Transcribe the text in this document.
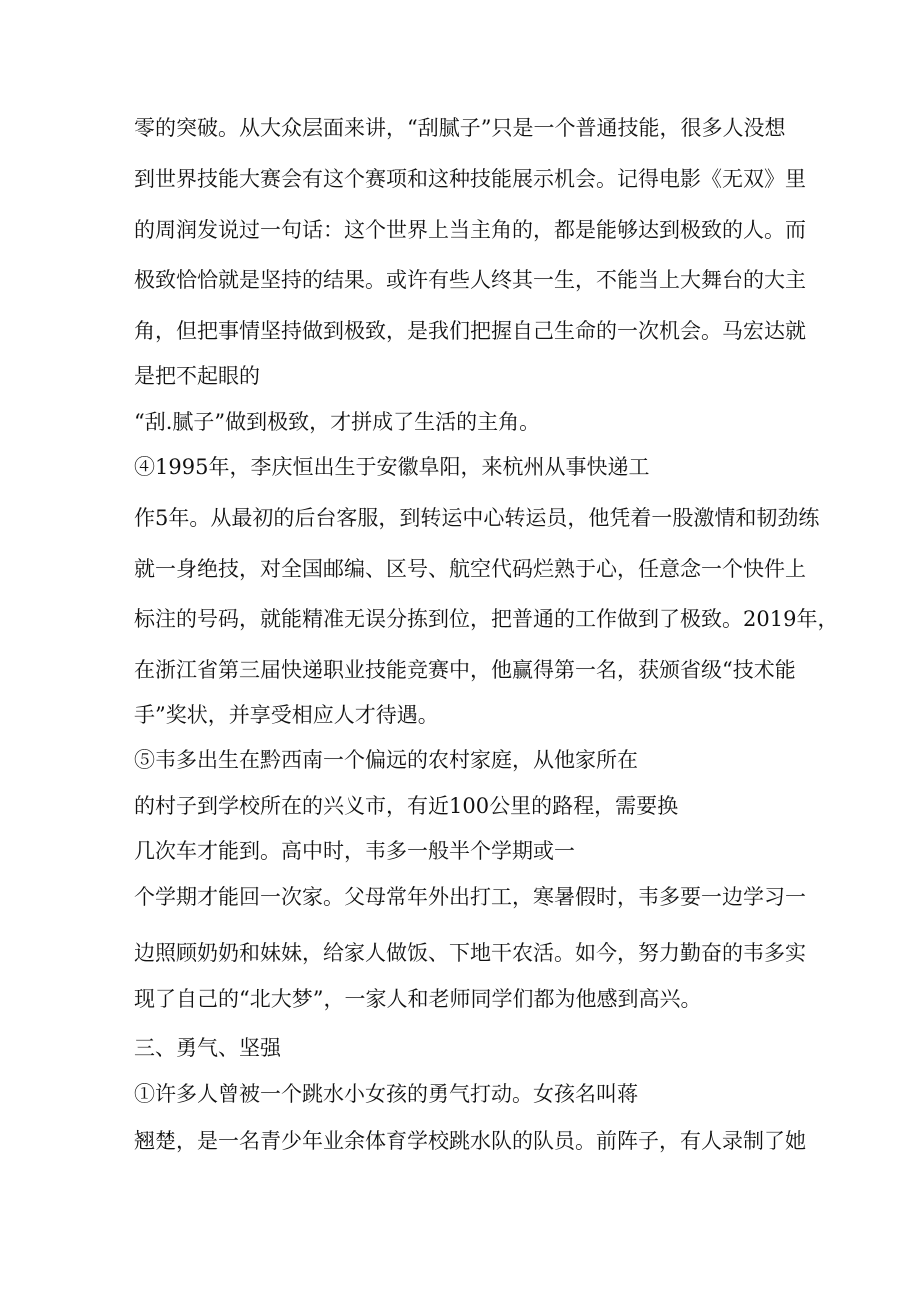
零的突破。从大众层面来讲，“刮腻子”只是一个普通技能，很多人没想
到世界技能大赛会有这个赛项和这种技能展示机会。记得电影《无双》里
的周润发说过一句话：这个世界上当主角的，都是能够达到极致的人。而
极致恰恰就是坚持的结果。或许有些人终其一生，不能当上大舞台的大主
角，但把事情坚持做到极致，是我们把握自己生命的一次机会。马宏达就
是把不起眼的
“刮.腻子”做到极致，才拼成了生活的主角。
④1995年，李庆恒出生于安徽阜阳，来杭州从事快递工
作5年。从最初的后台客服，到转运中心转运员，他凭着一股激情和韧劲练
就一身绝技，对全国邮编、区号、航空代码烂熟于心，任意念一个快件上
标注的号码，就能精准无误分拣到位，把普通的工作做到了极致。2019年，
在浙江省第三届快递职业技能竞赛中，他赢得第一名，获颁省级“技术能
手”奖状，并享受相应人才待遇。
⑤韦多出生在黔西南一个偏远的农村家庭，从他家所在
的村子到学校所在的兴义市，有近100公里的路程，需要换
几次车才能到。高中时，韦多一般半个学期或一
个学期才能回一次家。父母常年外出打工，寒暑假时，韦多要一边学习一
边照顾奶奶和妹妹，给家人做饭、下地干农活。如今，努力勤奋的韦多实
现了自己的“北大梦”，一家人和老师同学们都为他感到高兴。
三、勇气、坚强
①许多人曾被一个跳水小女孩的勇气打动。女孩名叫蒋
翘楚，是一名青少年业余体育学校跳水队的队员。前阵子，有人录制了她
